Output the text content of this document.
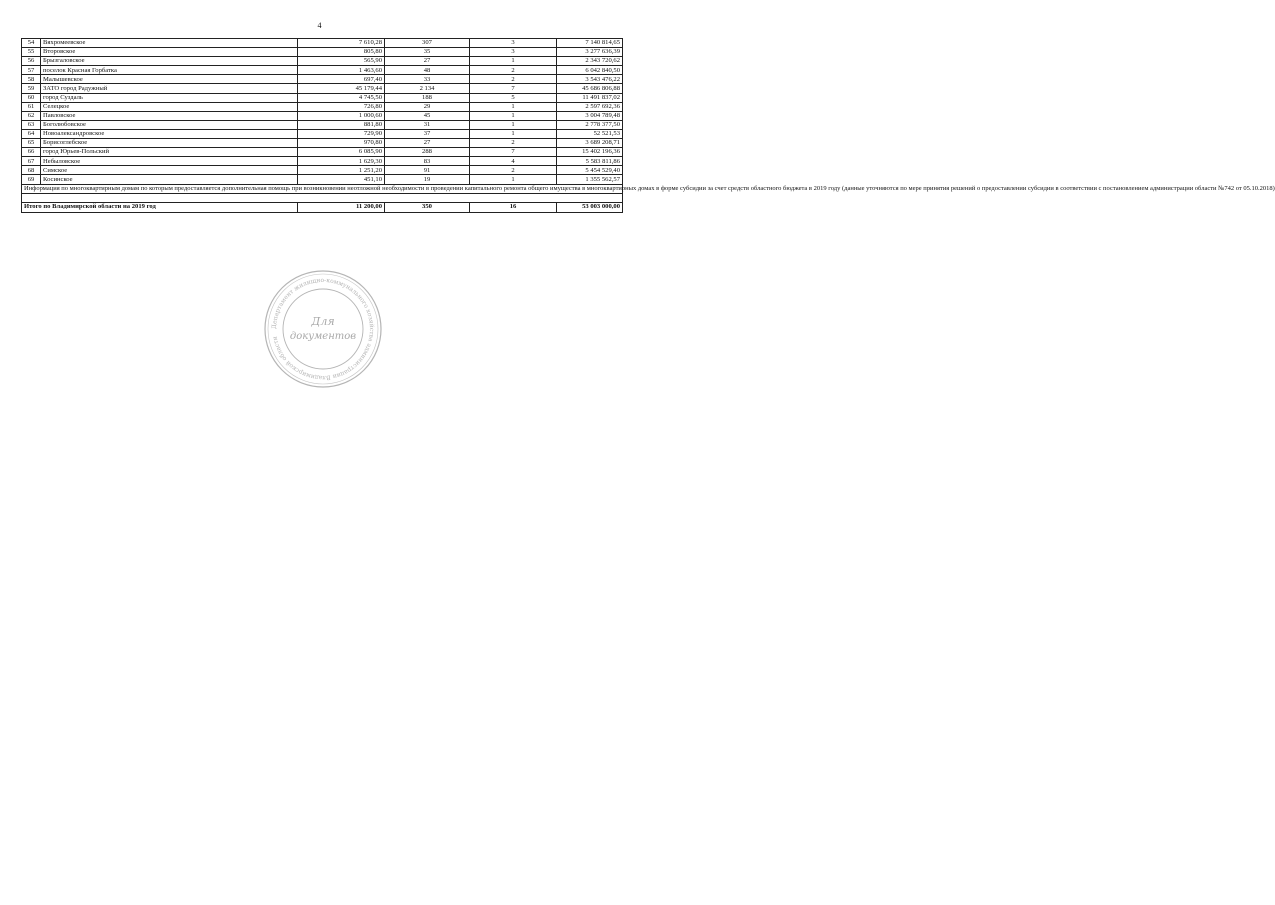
4
54	Вяхромеевское	7 610,28	307	3	7 140 814,65
55	Второвское	805,80	35	3	3 277 636,39
56	Брызгаловское	565,90	27	1	2 343 720,62
57	поселок Красная Горбатка	1 463,60	48	2	6 042 840,50
58	Малышевское	697,40	33	2	3 543 476,22
59	ЗАТО город Радужный	45 179,44	2 134	7	45 686 806,88
60	город Суздаль	4 745,50	188	5	11 491 837,02
61	Селецкое	726,80	29	1	2 597 692,36
62	Павловское	1 000,60	45	1	3 004 789,48
63	Боголюбовское	881,80	31	1	2 778 377,50
64	Новоалександровское	729,90	37	1	52 521,53
65	Борисоглебское	970,80	27	2	3 689 208,71
66	город Юрьев-Польский	6 085,90	288	7	15 402 196,36
67	Небыловское	1 629,30	83	4	5 583 811,86
68	Симское	1 251,20	91	2	5 454 529,40
69	Косинское	451,10	19	1	1 355 562,57
Информация по многоквартирным домам по которым предоставляется дополнительная помощь при возникновении неотложной необходимости в проведении капитального ремонта общего имущества в многоквартирных домах в форме субсидии за счет средств областного бюджета в 2019 году (данные уточняются по мере принятия решений о предоставлении субсидии в соответствии с постановлением администрации области №742 от 05.10.2018)					

Итого по Владимирской области на 2019 год		11 200,00	350	16	53 003 000,00
Департамент жилищно-коммунального хозяйства администрации Владимирской области
Для
документов
